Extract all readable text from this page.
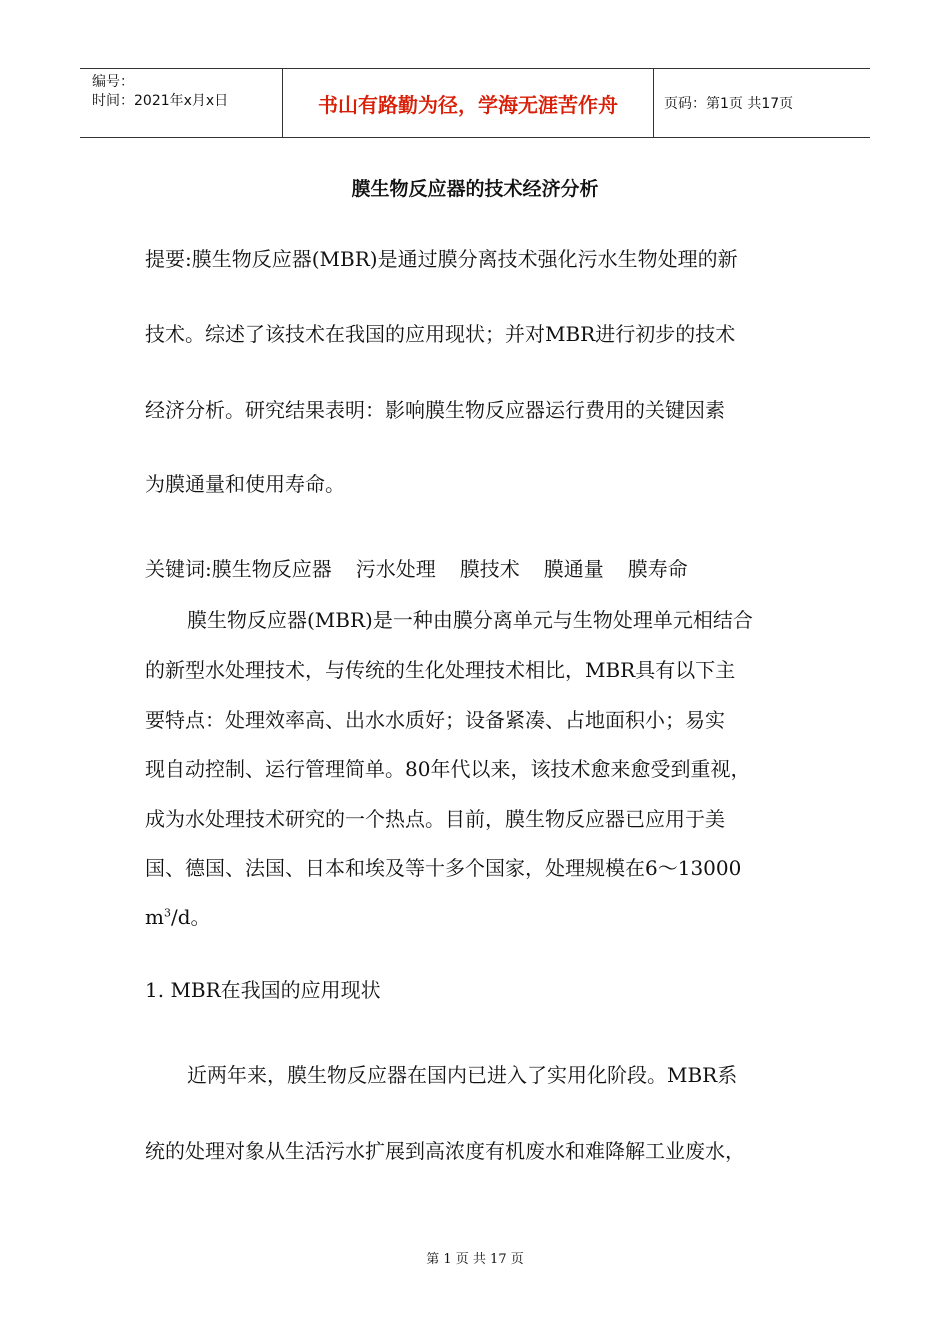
编号：
时间：2021年x月x日	书山有路勤为径，学海无涯苦作舟	页码：第1页 共17页
膜生物反应器的技术经济分析
提要:膜生物反应器(MBR)是通过膜分离技术强化污水生物处理的新
技术。综述了该技术在我国的应用现状；并对MBR进行初步的技术
经济分析。研究结果表明：影响膜生物反应器运行费用的关键因素
为膜通量和使用寿命。
关键词:膜生物反应器 污水处理 膜技术 膜通量 膜寿命
膜生物反应器(MBR)是一种由膜分离单元与生物处理单元相结合
的新型水处理技术，与传统的生化处理技术相比，MBR具有以下主
要特点：处理效率高、出水水质好；设备紧凑、占地面积小；易实
现自动控制、运行管理简单。80年代以来，该技术愈来愈受到重视，
成为水处理技术研究的一个热点。目前，膜生物反应器已应用于美
国、德国、法国、日本和埃及等十多个国家，处理规模在6～13000
$m^3/d$。
1. MBR在我国的应用现状
近两年来，膜生物反应器在国内已进入了实用化阶段。MBR系
统的处理对象从生活污水扩展到高浓度有机废水和难降解工业废水，
第 1 页 共 17 页
